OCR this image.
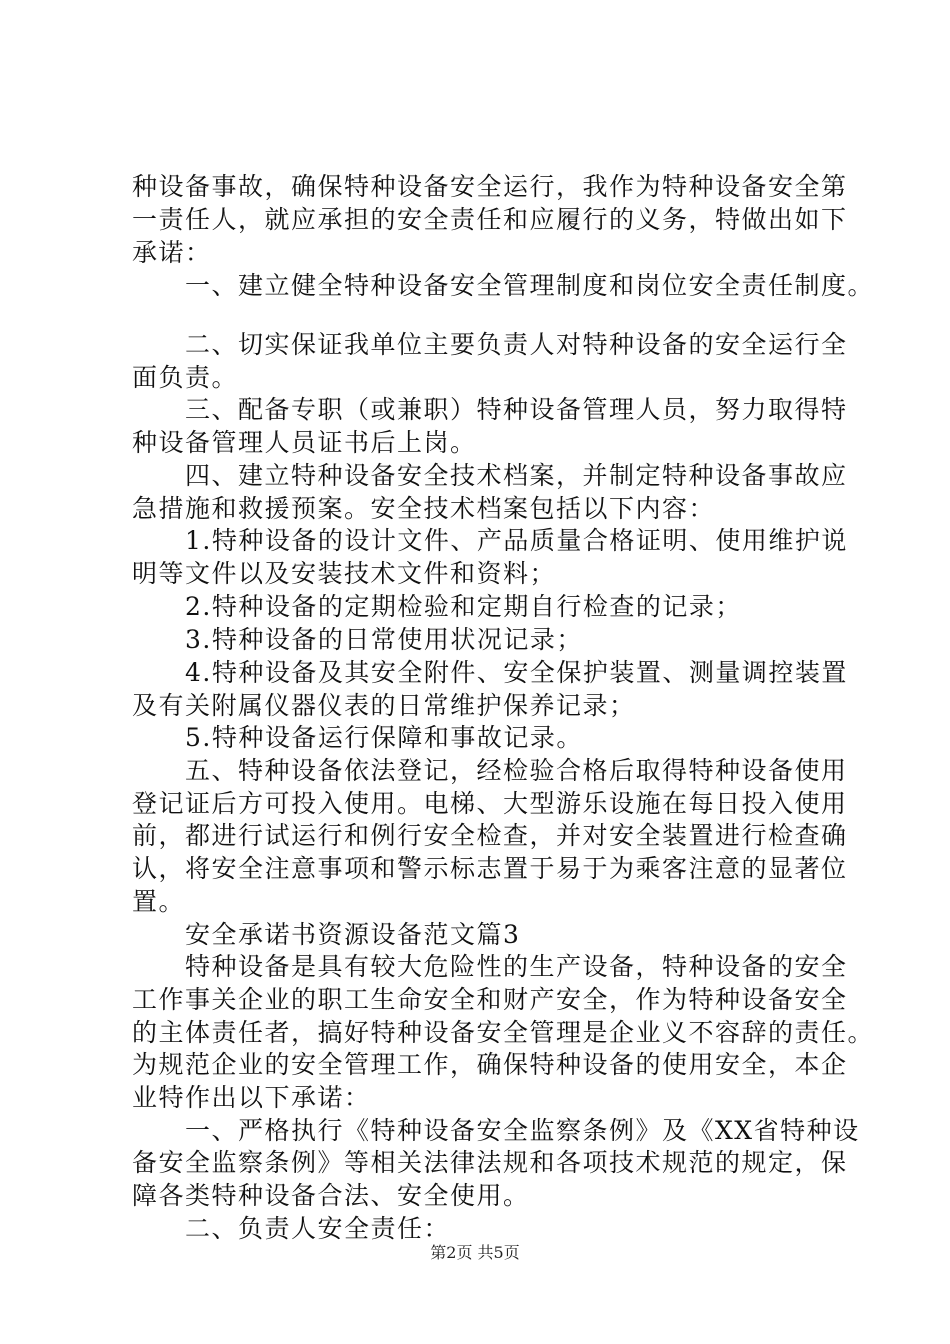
种设备事故，确保特种设备安全运行，我作为特种设备安全第
一责任人，就应承担的安全责任和应履行的义务，特做出如下
承诺：
　　一、建立健全特种设备安全管理制度和岗位安全责任制度。
　　二、切实保证我单位主要负责人对特种设备的安全运行全
面负责。
　　三、配备专职（或兼职）特种设备管理人员，努力取得特
种设备管理人员证书后上岗。
　　四、建立特种设备安全技术档案，并制定特种设备事故应
急措施和救援预案。安全技术档案包括以下内容：
　　1.特种设备的设计文件、产品质量合格证明、使用维护说
明等文件以及安装技术文件和资料；
　　2.特种设备的定期检验和定期自行检查的记录；
　　3.特种设备的日常使用状况记录；
　　4.特种设备及其安全附件、安全保护装置、测量调控装置
及有关附属仪器仪表的日常维护保养记录；
　　5.特种设备运行保障和事故记录。
　　五、特种设备依法登记，经检验合格后取得特种设备使用
登记证后方可投入使用。电梯、大型游乐设施在每日投入使用
前，都进行试运行和例行安全检查，并对安全装置进行检查确
认，将安全注意事项和警示标志置于易于为乘客注意的显著位
置。
　　安全承诺书资源设备范文篇3
　　特种设备是具有较大危险性的生产设备，特种设备的安全
工作事关企业的职工生命安全和财产安全，作为特种设备安全
的主体责任者，搞好特种设备安全管理是企业义不容辞的责任。
为规范企业的安全管理工作，确保特种设备的使用安全，本企
业特作出以下承诺：
　　一、严格执行《特种设备安全监察条例》及《XX省特种设
备安全监察条例》等相关法律法规和各项技术规范的规定，保
障各类特种设备合法、安全使用。
　　二、负责人安全责任：
第2页 共5页
